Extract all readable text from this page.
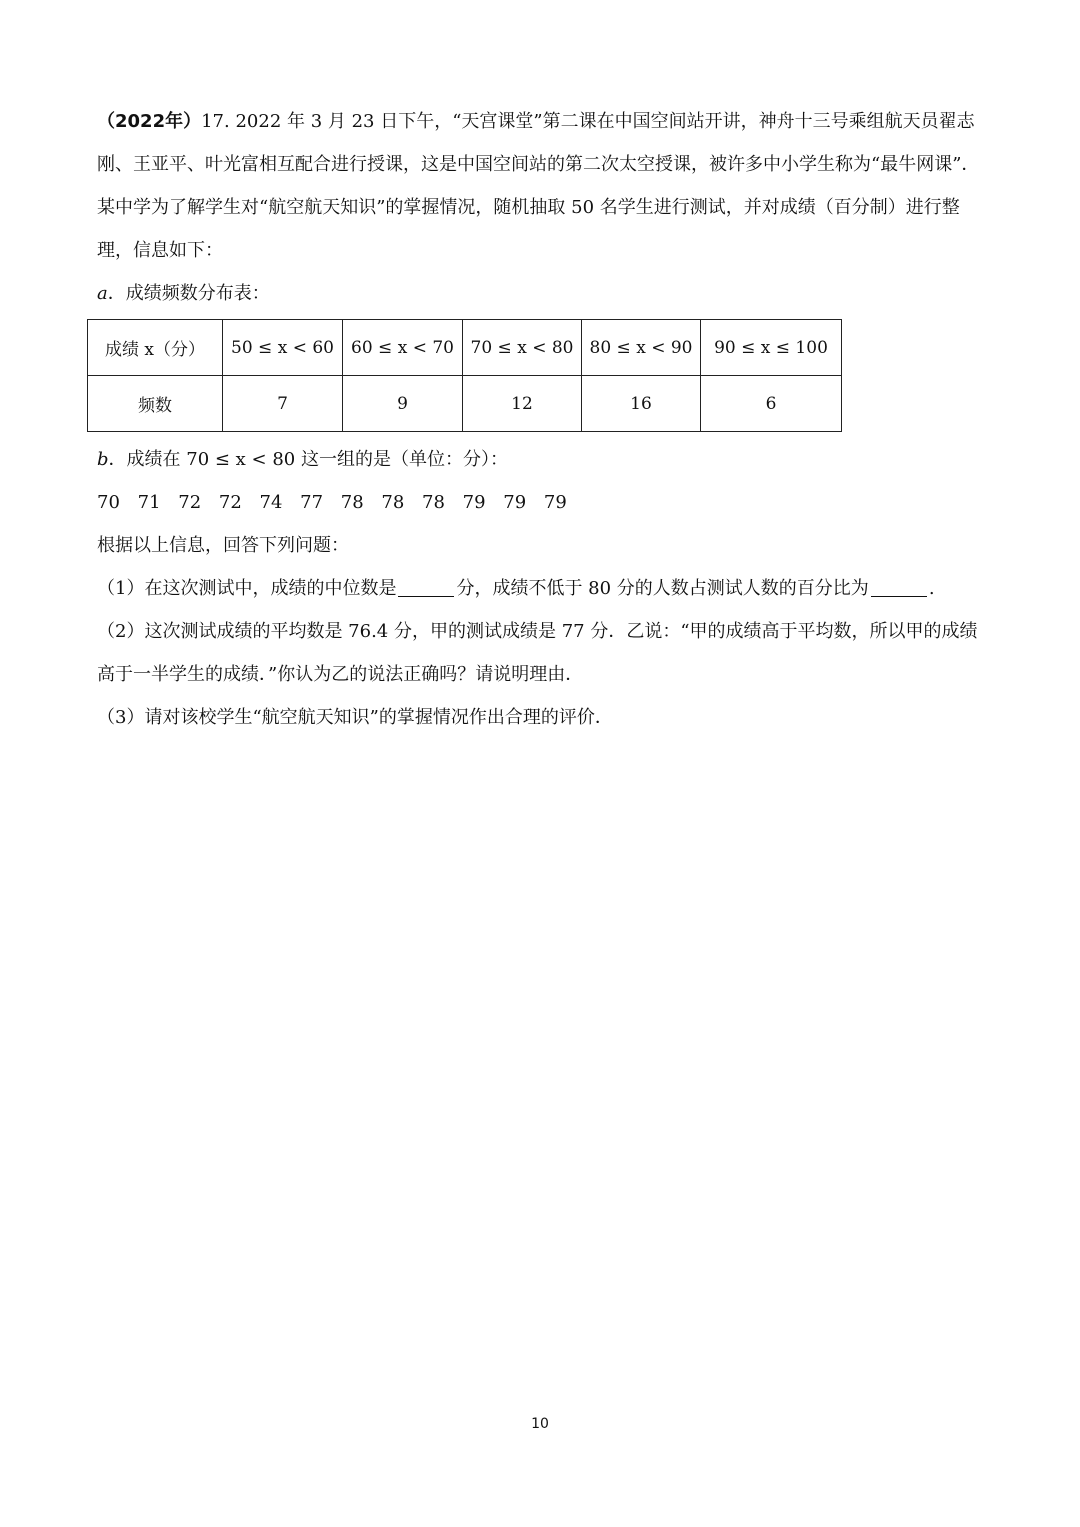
（2022年）17. 2022 年 3 月 23 日下午，“天宫课堂”第二课在中国空间站开讲，神舟十三号乘组航天员翟志刚、王亚平、叶光富相互配合进行授课，这是中国空间站的第二次太空授课，被许多中小学生称为“最牛网课”．某中学为了解学生对“航空航天知识”的掌握情况，随机抽取 50 名学生进行测试，并对成绩（百分制）进行整理，信息如下：

a．成绩频数分布表：

成绩 x（分）	50 ≤ x < 60	60 ≤ x < 70	70 ≤ x < 80	80 ≤ x < 90	90 ≤ x ≤ 100
频数	7	9	12	16	6

b．成绩在 70 ≤ x < 80 这一组的是（单位：分）：

70 71 72 72 74 77 78 78 78 79 79 79

根据以上信息，回答下列问题：

（1）在这次测试中，成绩的中位数是	分，成绩不低于 80 分的人数占测试人数的百分比为	.

（2）这次测试成绩的平均数是 76.4 分，甲的测试成绩是 77 分．乙说：“甲的成绩高于平均数，所以甲的成绩高于一半学生的成绩．”你认为乙的说法正确吗？请说明理由．

（3）请对该校学生“航空航天知识”的掌握情况作出合理的评价．

10
